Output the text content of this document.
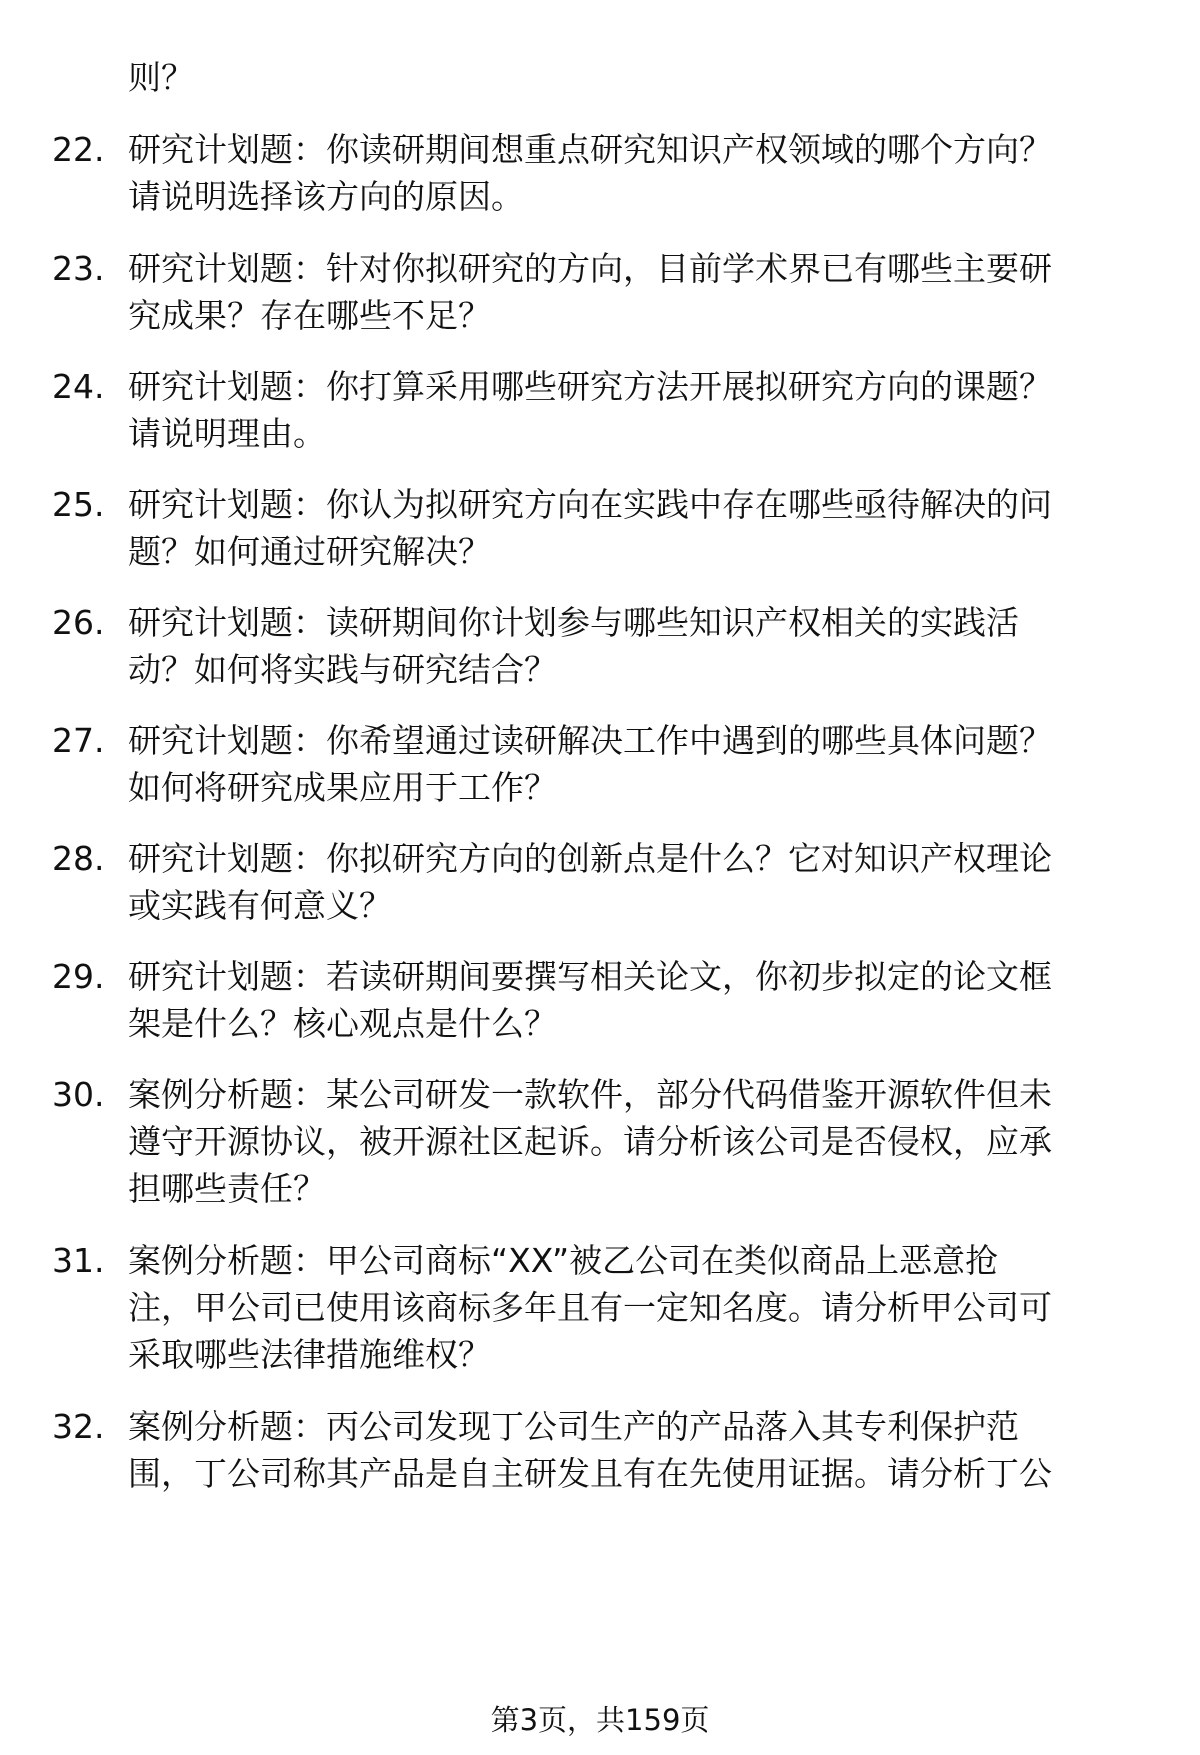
则？
22. 研究计划题：你读研期间想重点研究知识产权领域的哪个方向？
请说明选择该方向的原因。
23. 研究计划题：针对你拟研究的方向，目前学术界已有哪些主要研
究成果？存在哪些不足？
24. 研究计划题：你打算采用哪些研究方法开展拟研究方向的课题？
请说明理由。
25. 研究计划题：你认为拟研究方向在实践中存在哪些亟待解决的问
题？如何通过研究解决？
26. 研究计划题：读研期间你计划参与哪些知识产权相关的实践活
动？如何将实践与研究结合？
27. 研究计划题：你希望通过读研解决工作中遇到的哪些具体问题？
如何将研究成果应用于工作？
28. 研究计划题：你拟研究方向的创新点是什么？它对知识产权理论
或实践有何意义？
29. 研究计划题：若读研期间要撰写相关论文，你初步拟定的论文框
架是什么？核心观点是什么？
30. 案例分析题：某公司研发一款软件，部分代码借鉴开源软件但未
遵守开源协议，被开源社区起诉。请分析该公司是否侵权，应承
担哪些责任？
31. 案例分析题：甲公司商标“XX”被乙公司在类似商品上恶意抢
注，甲公司已使用该商标多年且有一定知名度。请分析甲公司可
采取哪些法律措施维权？
32. 案例分析题：丙公司发现丁公司生产的产品落入其专利保护范
围，丁公司称其产品是自主研发且有在先使用证据。请分析丁公
第3页，共159页
